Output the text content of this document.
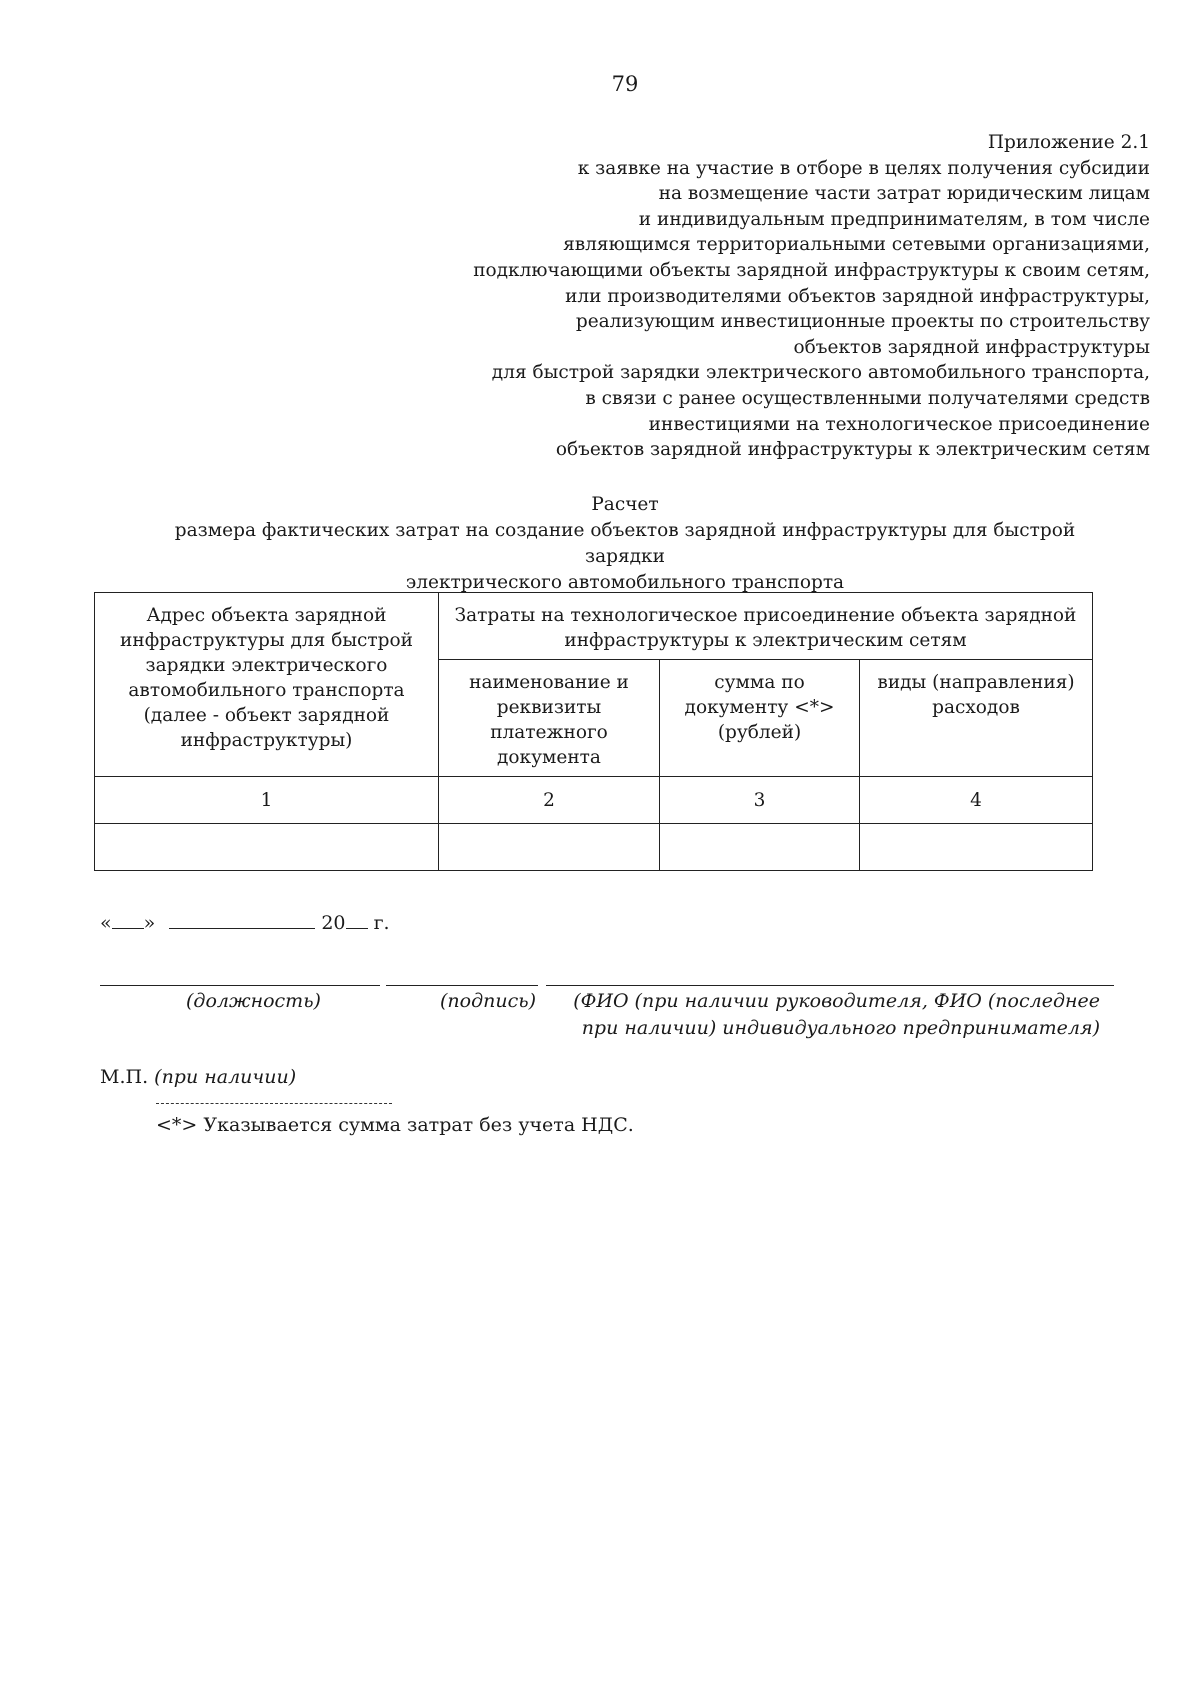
79
Приложение 2.1
к заявке на участие в отборе в целях получения субсидии
на возмещение части затрат юридическим лицам
и индивидуальным предпринимателям, в том числе
являющимся территориальными сетевыми организациями,
подключающими объекты зарядной инфраструктуры к своим сетям,
или производителями объектов зарядной инфраструктуры,
реализующим инвестиционные проекты по строительству
объектов зарядной инфраструктуры
для быстрой зарядки электрического автомобильного транспорта,
в связи с ранее осуществленными получателями средств
инвестициями на технологическое присоединение
объектов зарядной инфраструктуры к электрическим сетям
Расчет
размера фактических затрат на создание объектов зарядной инфраструктуры для быстрой зарядки
электрического автомобильного транспорта
Адрес объекта зарядной инфраструктуры для быстрой зарядки электрического автомобильного транспорта (далее - объект зарядной инфраструктуры)	Затраты на технологическое присоединение объекта зарядной инфраструктуры к электрическим сетям		
	наименование и реквизиты платежного документа	сумма по документу <*> (рублей)	виды (направления) расходов
1	2	3	4

« »	20 г.
(должность)	(подпись)	(ФИО (при наличии руководителя, ФИО (последнее
при наличии) индивидуального предпринимателя)
М.П. (при наличии)
<*> Указывается сумма затрат без учета НДС.
